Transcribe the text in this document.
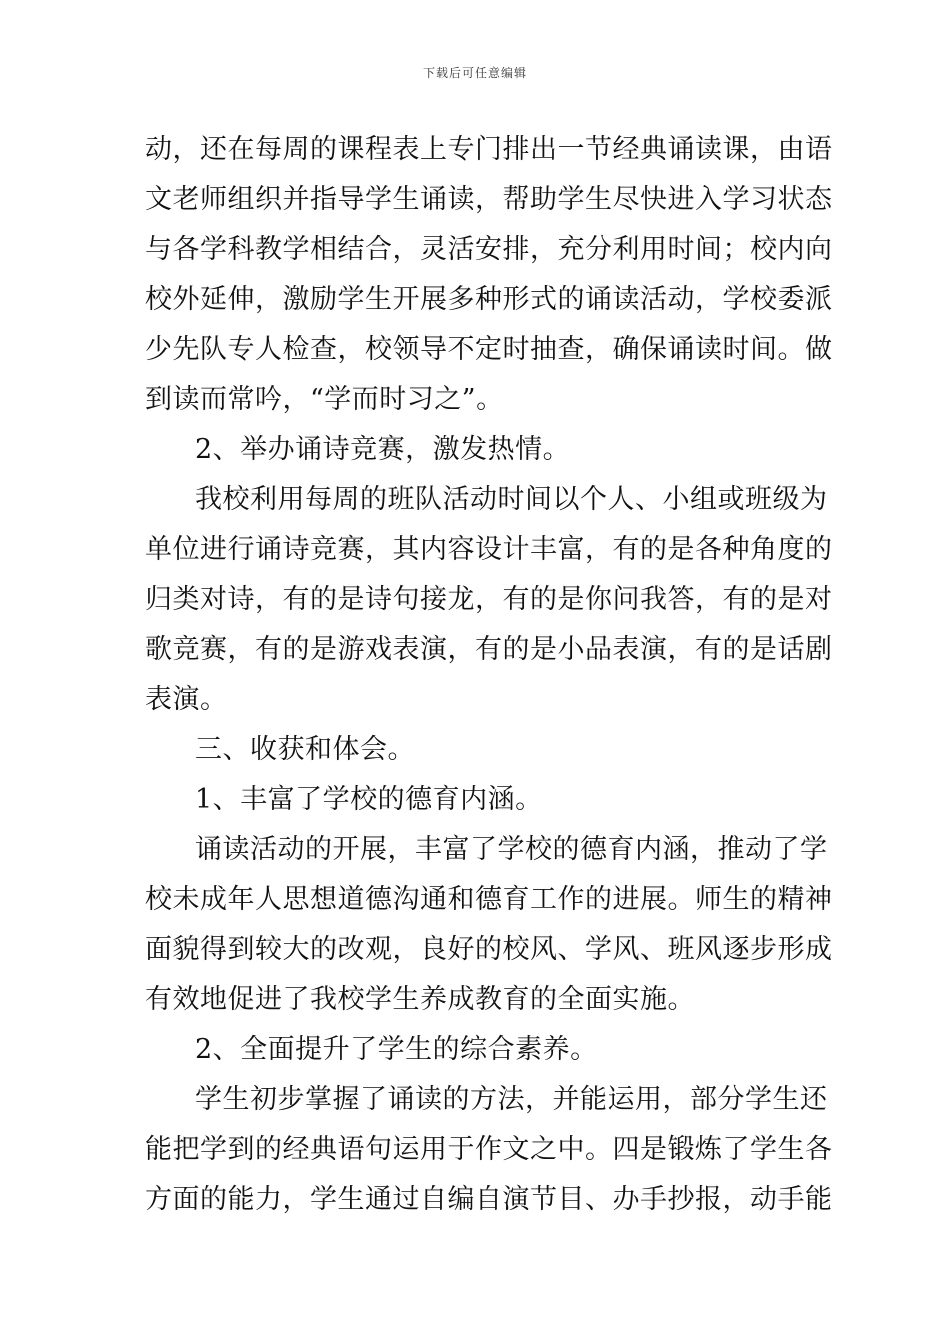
下载后可任意编辑
动，还在每周的课程表上专门排出一节经典诵读课，由语
文老师组织并指导学生诵读，帮助学生尽快进入学习状态
与各学科教学相结合，灵活安排，充分利用时间；校内向
校外延伸，激励学生开展多种形式的诵读活动，学校委派
少先队专人检查，校领导不定时抽查，确保诵读时间。做
到读而常吟，“学而时习之”。
2、举办诵诗竞赛，激发热情。
我校利用每周的班队活动时间以个人、小组或班级为
单位进行诵诗竞赛，其内容设计丰富，有的是各种角度的
归类对诗，有的是诗句接龙，有的是你问我答，有的是对
歌竞赛，有的是游戏表演，有的是小品表演，有的是话剧
表演。
三、收获和体会。
1、丰富了学校的德育内涵。
诵读活动的开展，丰富了学校的德育内涵，推动了学
校未成年人思想道德沟通和德育工作的进展。师生的精神
面貌得到较大的改观，良好的校风、学风、班风逐步形成
有效地促进了我校学生养成教育的全面实施。
2、全面提升了学生的综合素养。
学生初步掌握了诵读的方法，并能运用，部分学生还
能把学到的经典语句运用于作文之中。四是锻炼了学生各
方面的能力，学生通过自编自演节目、办手抄报，动手能
